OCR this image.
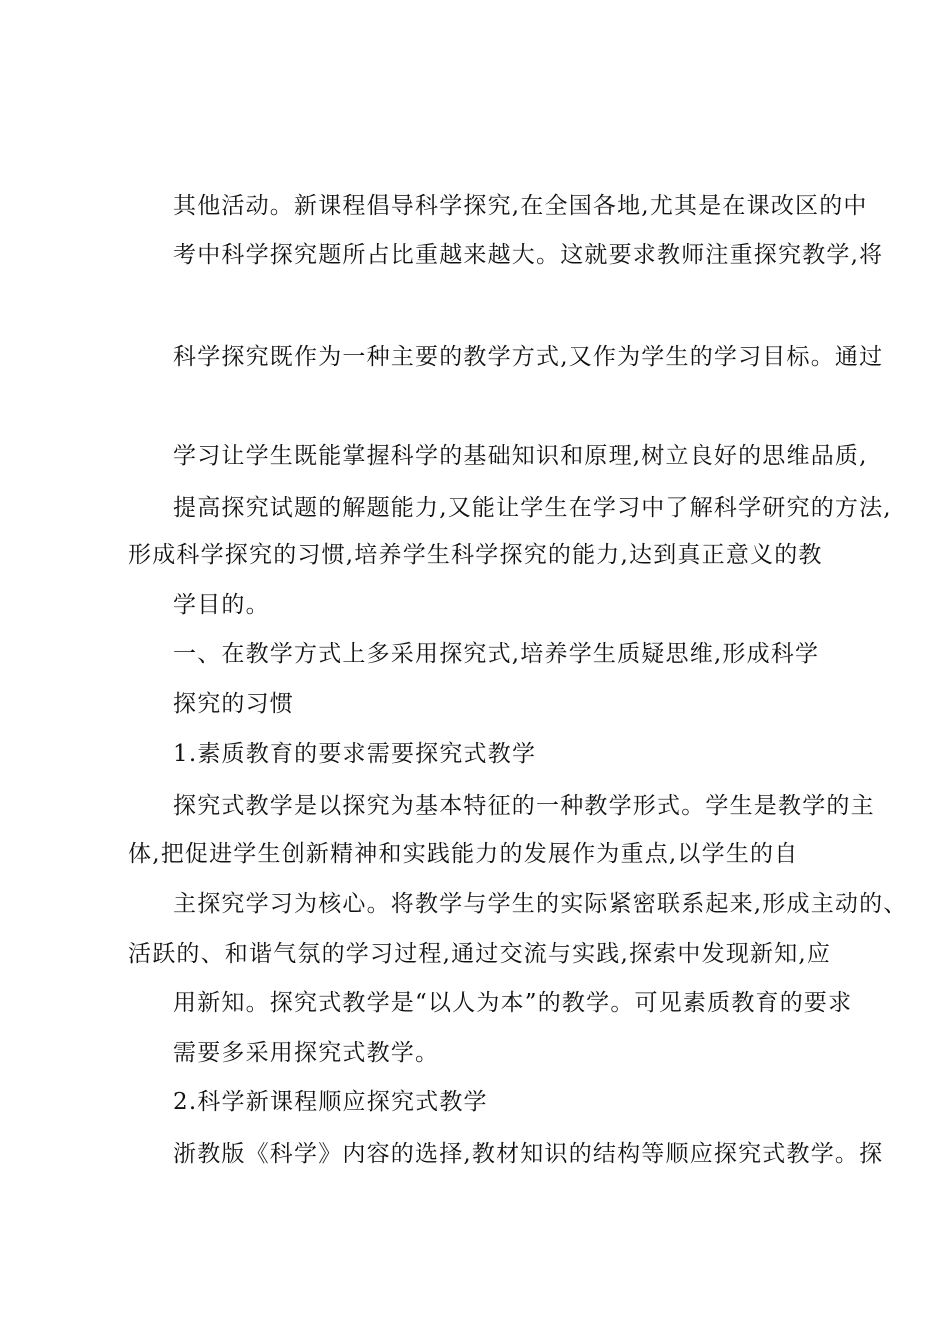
其他活动。新课程倡导科学探究,在全国各地,尤其是在课改区的中
考中科学探究题所占比重越来越大。这就要求教师注重探究教学,将
科学探究既作为一种主要的教学方式,又作为学生的学习目标。通过
学习让学生既能掌握科学的基础知识和原理,树立良好的思维品质,
提高探究试题的解题能力,又能让学生在学习中了解科学研究的方法,
形成科学探究的习惯,培养学生科学探究的能力,达到真正意义的教
学目的。
一、在教学方式上多采用探究式,培养学生质疑思维,形成科学
探究的习惯
1.素质教育的要求需要探究式教学
探究式教学是以探究为基本特征的一种教学形式。学生是教学的主
体,把促进学生创新精神和实践能力的发展作为重点,以学生的自
主探究学习为核心。将教学与学生的实际紧密联系起来,形成主动的、
活跃的、和谐气氛的学习过程,通过交流与实践,探索中发现新知,应
用新知。探究式教学是“以人为本”的教学。可见素质教育的要求
需要多采用探究式教学。
2.科学新课程顺应探究式教学
浙教版《科学》内容的选择,教材知识的结构等顺应探究式教学。探
